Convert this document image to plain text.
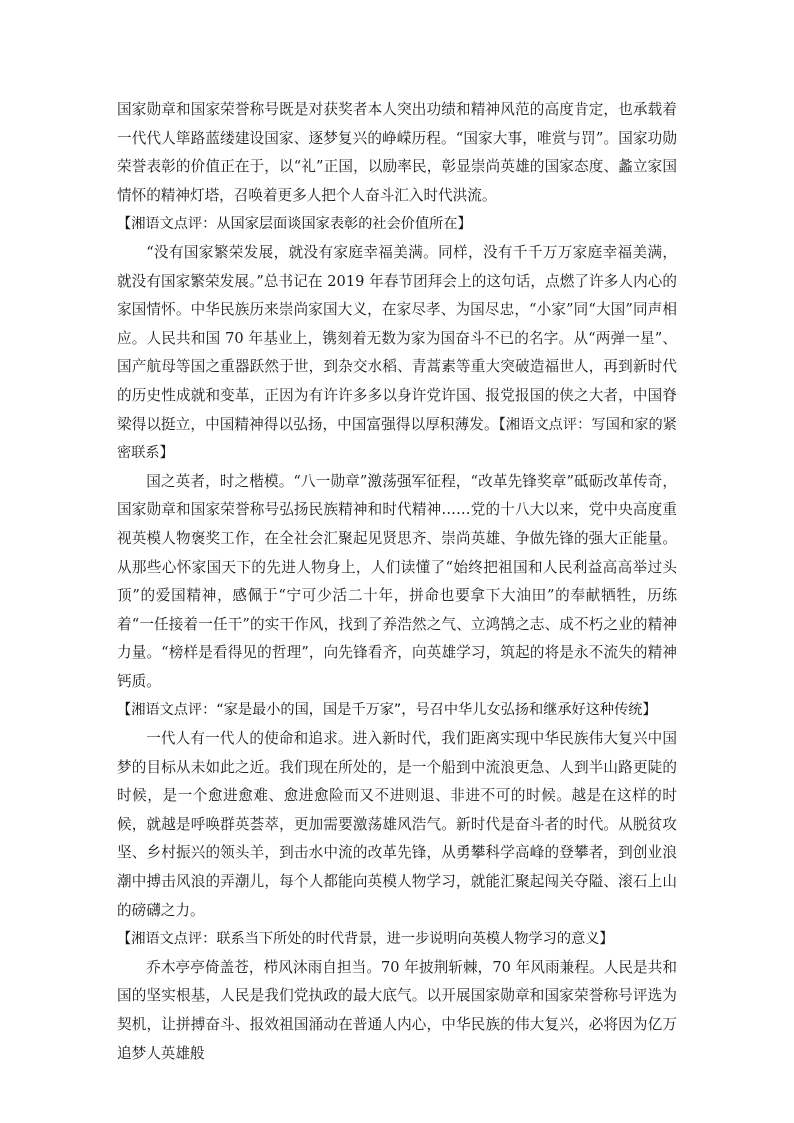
国家勋章和国家荣誉称号既是对获奖者本人突出功绩和精神风范的高度肯定，也承载着一代代人筚路蓝缕建设国家、逐梦复兴的峥嵘历程。“国家大事，唯赏与罚”。国家功勋荣誉表彰的价值正在于，以“礼”正国，以励率民，彰显崇尚英雄的国家态度、蠡立家国情怀的精神灯塔，召唤着更多人把个人奋斗汇入时代洪流。

【湘语文点评：从国家层面谈国家表彰的社会价值所在】

“没有国家繁荣发展，就没有家庭幸福美满。同样，没有千千万万家庭幸福美满，就没有国家繁荣发展。”总书记在 2019 年春节团拜会上的这句话，点燃了许多人内心的家国情怀。中华民族历来崇尚家国大义，在家尽孝、为国尽忠，“小家”同“大国”同声相应。人民共和国 70 年基业上，镌刻着无数为家为国奋斗不已的名字。从“两弹一星”、国产航母等国之重器跃然于世，到杂交水稻、青蒿素等重大突破造福世人，再到新时代的历史性成就和变革，正因为有许许多多以身许党许国、报党报国的侠之大者，中国脊梁得以挺立，中国精神得以弘扬，中国富强得以厚积薄发。【湘语文点评：写国和家的紧密联系】

国之英者，时之楷模。“八一勋章”激荡强军征程，“改革先锋奖章”砥砺改革传奇，国家勋章和国家荣誉称号弘扬民族精神和时代精神……党的十八大以来，党中央高度重视英模人物褒奖工作，在全社会汇聚起见贤思齐、崇尚英雄、争做先锋的强大正能量。从那些心怀家国天下的先进人物身上，人们读懂了“始终把祖国和人民利益高高举过头顶”的爱国精神，感佩于“宁可少活二十年，拼命也要拿下大油田”的奉献牺牲，历练着“一任接着一任干”的实干作风，找到了养浩然之气、立鸿鹄之志、成不朽之业的精神力量。“榜样是看得见的哲理”，向先锋看齐，向英雄学习，筑起的将是永不流失的精神钙质。

【湘语文点评：“家是最小的国，国是千万家”，号召中华儿女弘扬和继承好这种传统】

一代人有一代人的使命和追求。进入新时代，我们距离实现中华民族伟大复兴中国梦的目标从未如此之近。我们现在所处的，是一个船到中流浪更急、人到半山路更陡的时候，是一个愈进愈难、愈进愈险而又不进则退、非进不可的时候。越是在这样的时候，就越是呼唤群英荟萃，更加需要激荡雄风浩气。新时代是奋斗者的时代。从脱贫攻坚、乡村振兴的领头羊，到击水中流的改革先锋，从勇攀科学高峰的登攀者，到创业浪潮中搏击风浪的弄潮儿，每个人都能向英模人物学习，就能汇聚起闯关夺隘、滚石上山的磅礴之力。

【湘语文点评：联系当下所处的时代背景，进一步说明向英模人物学习的意义】

乔木亭亭倚盖苍，栉风沐雨自担当。70 年披荆斩棘，70 年风雨兼程。人民是共和国的坚实根基，人民是我们党执政的最大底气。以开展国家勋章和国家荣誉称号评选为契机，让拼搏奋斗、报效祖国涌动在普通人内心，中华民族的伟大复兴，必将因为亿万追梦人英雄般
